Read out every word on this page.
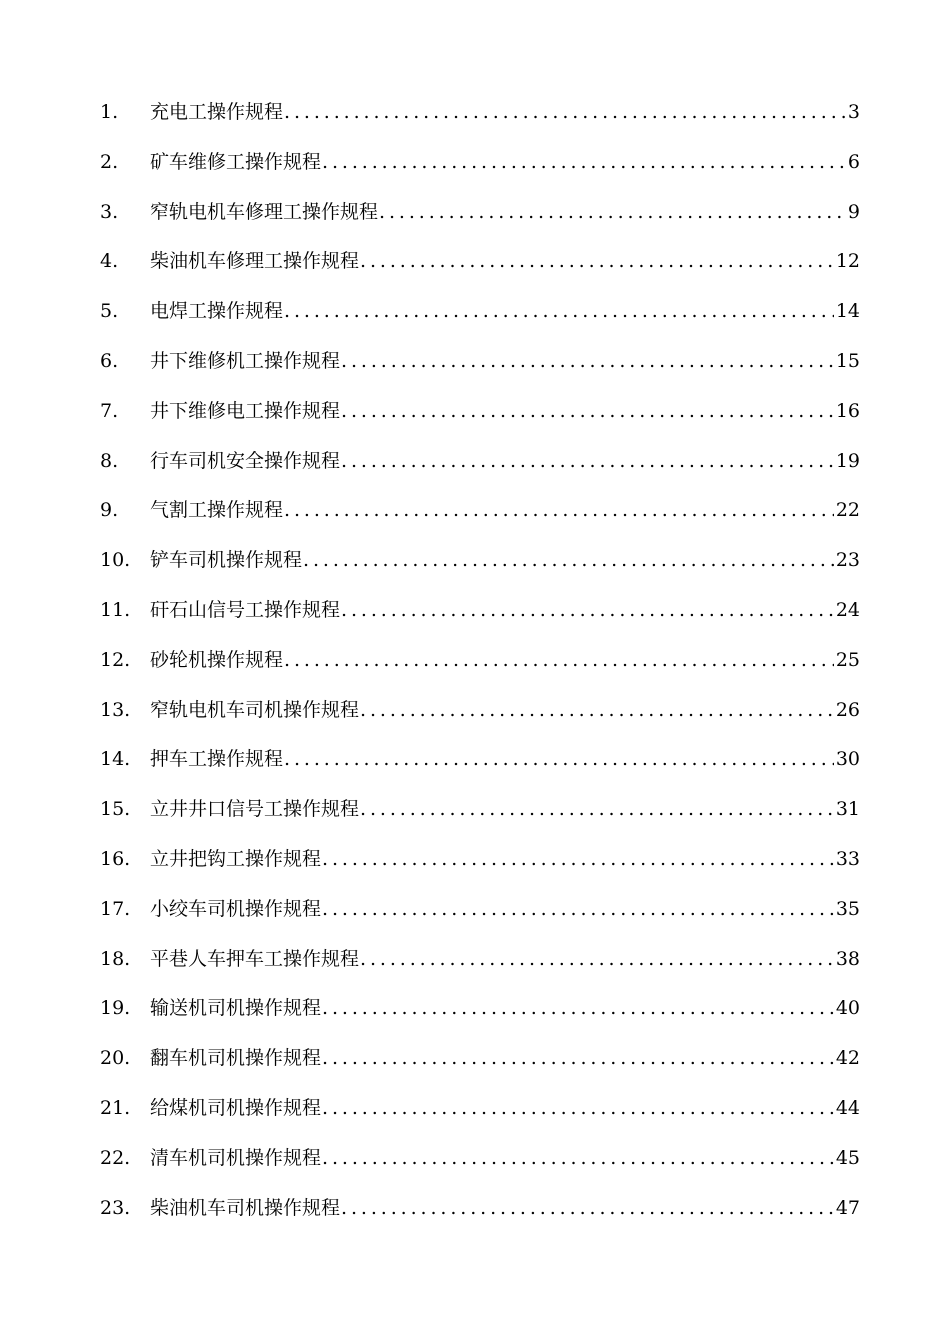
1.	充电工操作规程 .....	3
2.	矿车维修工操作规程 .....	6
3.	窄轨电机车修理工操作规程 .....	9
4.	柴油机车修理工操作规程 .....	12
5.	电焊工操作规程 .....	14
6.	井下维修机工操作规程 .....	15
7.	井下维修电工操作规程 .....	16
8.	行车司机安全操作规程 .....	19
9.	气割工操作规程 .....	22
10.	铲车司机操作规程 .....	23
11.	矸石山信号工操作规程 .....	24
12.	砂轮机操作规程 .....	25
13.	窄轨电机车司机操作规程 .....	26
14.	押车工操作规程 .....	30
15.	立井井口信号工操作规程 .....	31
16.	立井把钩工操作规程 .....	33
17.	小绞车司机操作规程 .....	35
18.	平巷人车押车工操作规程 .....	38
19.	输送机司机操作规程 .....	40
20.	翻车机司机操作规程 .....	42
21.	给煤机司机操作规程 .....	44
22.	清车机司机操作规程 .....	45
23.	柴油机车司机操作规程 .....	47
